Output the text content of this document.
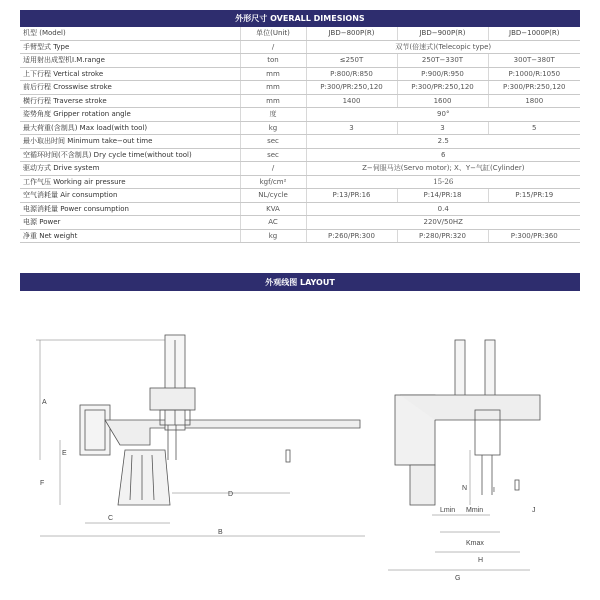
外形尺寸 OVERALL DIMESIONS
机型 (Model)	单位(Unit)	JBD−800P(R)	JBD−900P(R)	JBD−1000P(R)
手臂型式 Type	/	双节(倍速式)(Telecopic type)		
适用射出成型机I.M.range	ton	≤250T	250T−330T	300T−380T
上下行程 Vertical stroke	mm	P:800/R:850	P:900/R:950	P:1000/R:1050
前后行程 Crosswise stroke	mm	P:300/PR:250,120	P:300/PR:250,120	P:300/PR:250,120
横行行程 Traverse stroke	mm	1400	1600	1800
姿势角度 Gripper rotation angle	度	90°		
最大荷重(含制具) Max load(with tool)	kg	3	3	5
最小取出时间 Minimum take−out time	sec	2.5		
空循环时间(不含制具) Dry cycle time(without tool)	sec	6		
驱动方式 Drive system	/	Z−伺服马达(Servo motor); X、Y−气缸(Cylinder)		
工作气压 Working air pressure	kgf/cm²	15-26		
空气消耗量 Air consumption	NL/cycle	P:13/PR:16	P:14/PR:18	P:15/PR:19
电源消耗量 Power consumption	KVA	0.4		
电源 Power	AC	220V/50HZ		
净重 Net weight	kg	P:260/PR:300	P:280/PR:320	P:300/PR:360
外观线图 LAYOUT
A
B
C
D
E
F
G
H
I
J
N
Kmax
Lmin Mmin
